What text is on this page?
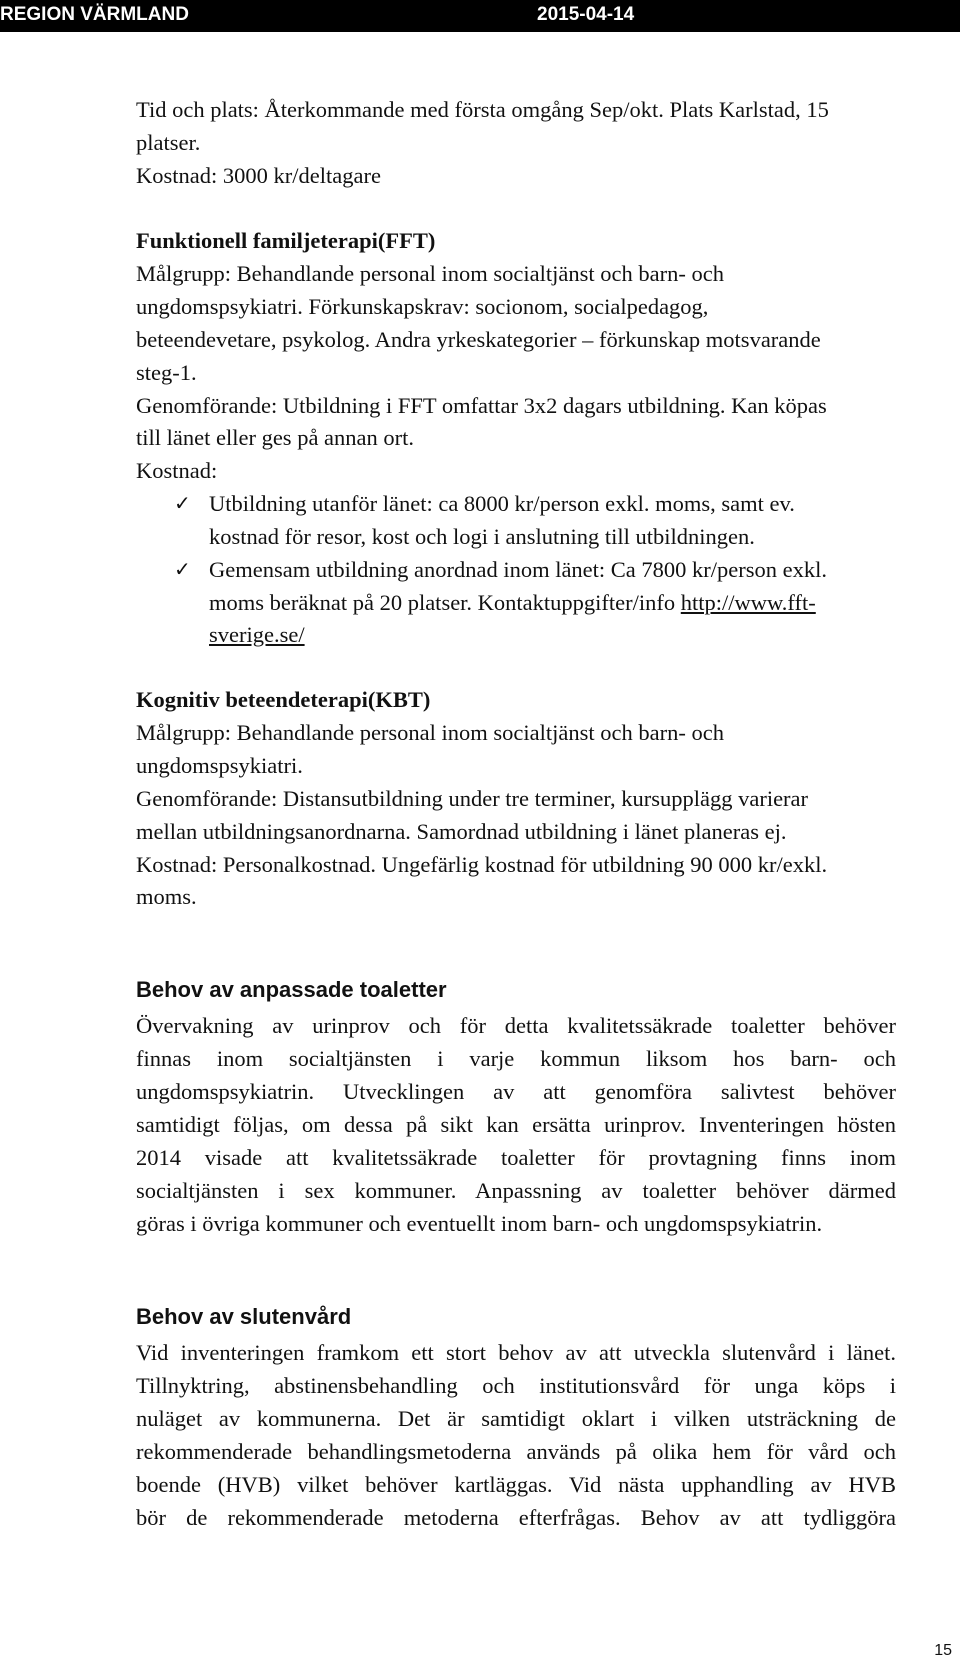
REGION VÄRMLAND	2015-04-14
Tid och plats: Återkommande med första omgång Sep/okt. Plats Karlstad, 15
platser.
Kostnad: 3000 kr/deltagare
Funktionell familjeterapi(FFT)
Målgrupp: Behandlande personal inom socialtjänst och barn- och
ungdomspsykiatri. Förkunskapskrav: socionom, socialpedagog,
beteendevetare, psykolog. Andra yrkeskategorier – förkunskap motsvarande
steg-1.
Genomförande: Utbildning i FFT omfattar 3x2 dagars utbildning. Kan köpas
till länet eller ges på annan ort.
Kostnad:
✓ Utbildning utanför länet: ca 8000 kr/person exkl. moms, samt ev.
kostnad för resor, kost och logi i anslutning till utbildningen.
✓ Gemensam utbildning anordnad inom länet: Ca 7800 kr/person exkl.
moms beräknat på 20 platser. Kontaktuppgifter/info http://www.fft-
sverige.se/
Kognitiv beteendeterapi(KBT)
Målgrupp: Behandlande personal inom socialtjänst och barn- och
ungdomspsykiatri.
Genomförande: Distansutbildning under tre terminer, kursupplägg varierar
mellan utbildningsanordnarna. Samordnad utbildning i länet planeras ej.
Kostnad: Personalkostnad. Ungefärlig kostnad för utbildning 90 000 kr/exkl.
moms.
Behov av anpassade toaletter
Övervakning av urinprov och för detta kvalitetssäkrade toaletter behöver
finnas inom socialtjänsten i varje kommun liksom hos barn- och
ungdomspsykiatrin. Utvecklingen av att genomföra salivtest behöver
samtidigt följas, om dessa på sikt kan ersätta urinprov. Inventeringen hösten
2014 visade att kvalitetssäkrade toaletter för provtagning finns inom
socialtjänsten i sex kommuner. Anpassning av toaletter behöver därmed
göras i övriga kommuner och eventuellt inom barn- och ungdomspsykiatrin.
Behov av slutenvård
Vid inventeringen framkom ett stort behov av att utveckla slutenvård i länet.
Tillnyktring, abstinensbehandling och institutionsvård för unga köps i
nuläget av kommunerna. Det är samtidigt oklart i vilken utsträckning de
rekommenderade behandlingsmetoderna används på olika hem för vård och
boende (HVB) vilket behöver kartläggas. Vid nästa upphandling av HVB
bör de rekommenderade metoderna efterfrågas. Behov av att tydliggöra
15
